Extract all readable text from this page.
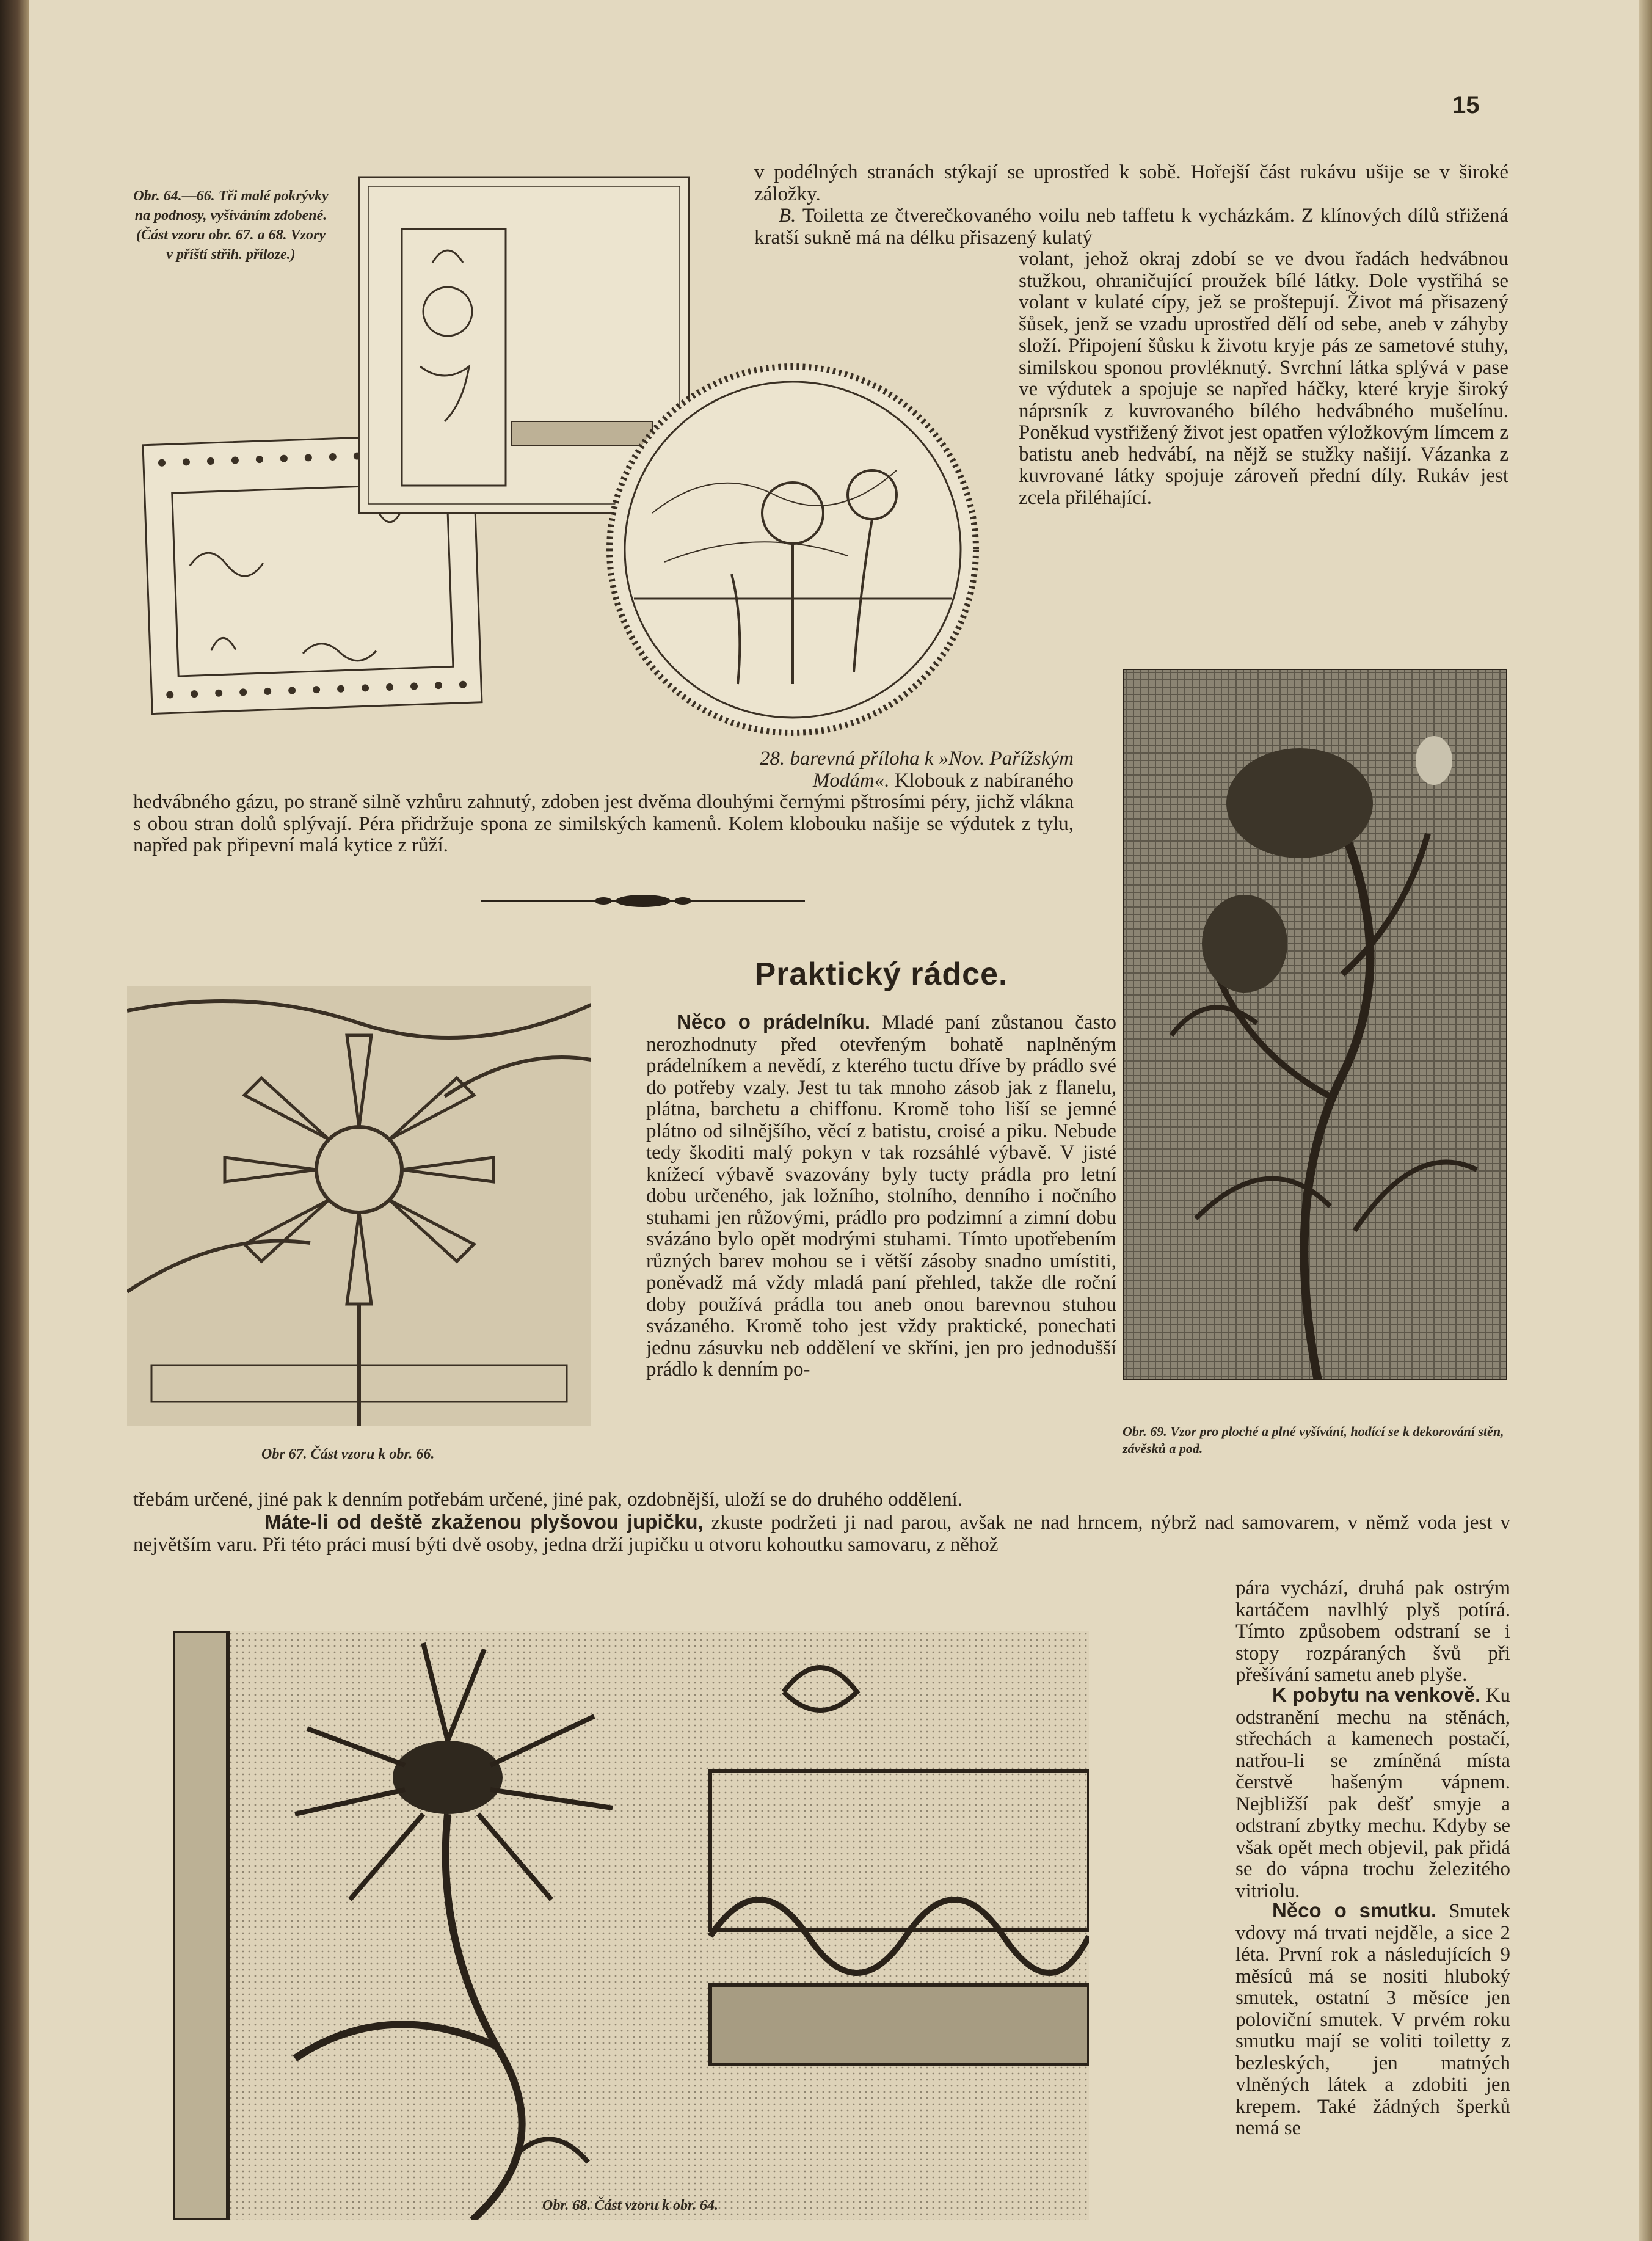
15

Obr. 64.—66. Tři malé pokrývky na podnosy, vyšíváním zdobené. (Část vzoru obr. 67. a 68. Vzory v příští střih. příloze.)

v podélných stranách stýkají se uprostřed k sobě. Hořejší část rukávu ušije se v široké záložky.

B. Toiletta ze čtverečkovaného voilu neb taffetu k vycházkám. Z klínových dílů střižená kratší sukně má na délku přisazený kulatý

volant, jehož okraj zdobí se ve dvou řadách hedvábnou stužkou, ohraničující proužek bílé látky. Dole vystřihá se volant v kulaté cípy, jež se proštepují. Život má přisazený šůsek, jenž se vzadu uprostřed dělí od sebe, aneb v záhyby složí. Připojení šůsku k životu kryje pás ze sametové stuhy, similskou sponou provléknutý. Svrchní látka splývá v pase ve výdutek a spojuje se napřed háčky, které kryje široký náprsník z kuvrovaného bílého hedvábného mušelínu. Poněkud vystřižený život jest opatřen výložkovým límcem z batistu aneb hedvábí, na nějž se stužky našijí. Vázanka z kuvrované látky spojuje zároveň přední díly. Rukáv jest zcela přiléhající.

28. barevná příloha k »Nov. Pařížským Modám«. Klobouk z nabíraného

hedvábného gázu, po straně silně vzhůru zahnutý, zdoben jest dvěma dlouhými černými pštrosími péry, jichž vlákna s obou stran dolů splývají. Péra přidržuje spona ze similských kamenů. Kolem klobouku našije se výdutek z tylu, napřed pak připevní malá kytice z růží.

Obr 67. Část vzoru k obr. 66.

Praktický rádce.

Něco o prádelníku. Mladé paní zůstanou často nerozhodnuty před otevřeným bohatě naplněným prádelníkem a nevědí, z kterého tuctu dříve by prádlo své do potřeby vzaly. Jest tu tak mnoho zásob jak z flanelu, plátna, barchetu a chiffonu. Kromě toho liší se jemné plátno od silnějšího, věcí z batistu, croisé a piku. Nebude tedy škoditi malý pokyn v tak rozsáhlé výbavě. V jisté knížecí výbavě svazovány byly tucty prádla pro letní dobu určeného, jak ložního, stolního, denního i nočního stuhami jen růžovými, prádlo pro podzimní a zimní dobu svázáno bylo opět modrými stuhami. Tímto upotřebením různých barev mohou se i větší zásoby snadno umístiti, poněvadž má vždy mladá paní přehled, takže dle roční doby používá prádla tou aneb onou barevnou stuhou svázaného. Kromě toho jest vždy praktické, ponechati jednu zásuvku neb oddělení ve skříni, jen pro jednodušší prádlo k denním po-

Obr. 69. Vzor pro ploché a plné vyšívání, hodící se k dekorování stěn, závěsků a pod.

třebám určené, jiné pak k denním potřebám určené, jiné pak, ozdobnější, uloží se do druhého oddělení.

Máte-li od deště zkaženou plyšovou jupičku, zkuste podržeti ji nad parou, avšak ne nad hrncem, nýbrž nad samovarem, v němž voda jest v největším varu. Při této práci musí býti dvě osoby, jedna drží jupičku u otvoru kohoutku samovaru, z něhož

Obr. 68. Část vzoru k obr. 64.

pára vychází, druhá pak ostrým kartáčem navlhlý plyš potírá. Tímto způsobem odstraní se i stopy rozpáraných švů při přešívání sametu aneb plyše.

K pobytu na venkově. Ku odstranění mechu na stěnách, střechách a kamenech postačí, natřou-li se zmíněná místa čerstvě hašeným vápnem. Nejbližší pak dešť smyje a odstraní zbytky mechu. Kdyby se však opět mech objevil, pak přidá se do vápna trochu železitého vitriolu.

Něco o smutku. Smutek vdovy má trvati nejděle, a sice 2 léta. První rok a následujících 9 měsíců má se nositi hluboký smutek, ostatní 3 měsíce jen poloviční smutek. V prvém roku smutku mají se voliti toiletty z bezleských, jen matných vlněných látek a zdobiti jen krepem. Také žádných šperků nemá se
